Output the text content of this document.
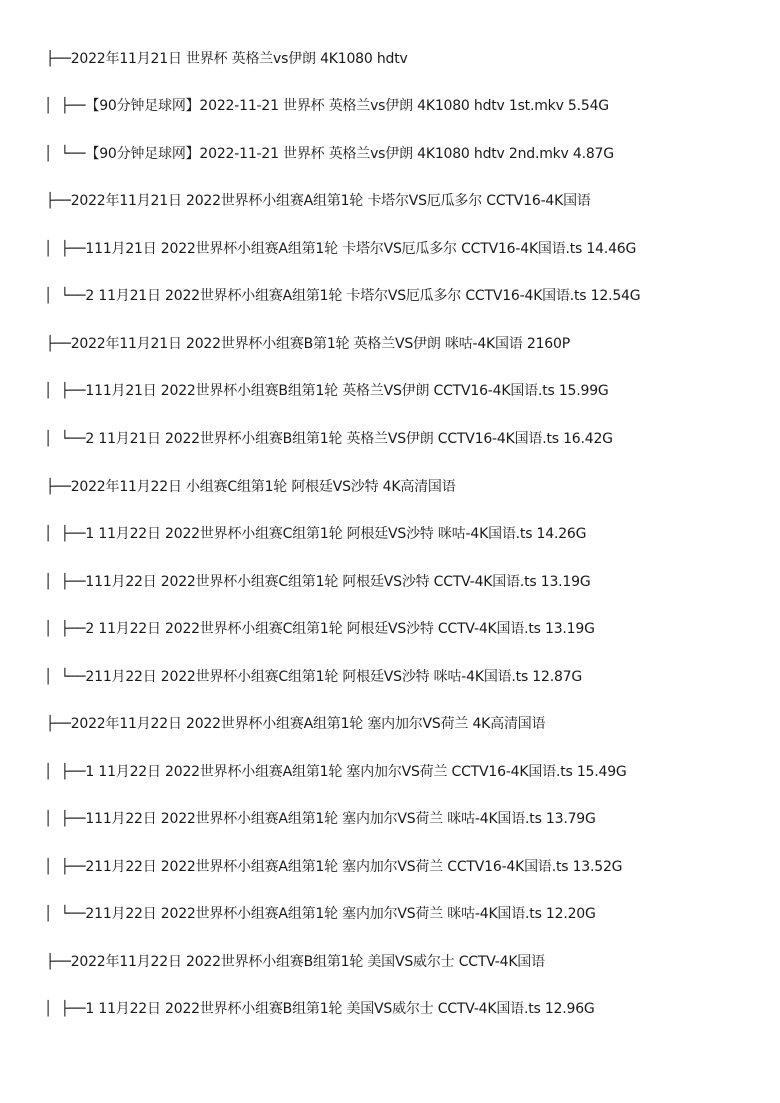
├──2022年11月21日 世界杯 英格兰vs伊朗 4K1080 hdtv
│  ├──【90分钟足球网】2022-11-21 世界杯 英格兰vs伊朗 4K1080 hdtv 1st.mkv 5.54G
│  └──【90分钟足球网】2022-11-21 世界杯 英格兰vs伊朗 4K1080 hdtv 2nd.mkv 4.87G
├──2022年11月21日 2022世界杯小组赛A组第1轮 卡塔尔VS厄瓜多尔 CCTV16-4K国语
│  ├──111月21日 2022世界杯小组赛A组第1轮 卡塔尔VS厄瓜多尔 CCTV16-4K国语.ts 14.46G
│  └──2 11月21日 2022世界杯小组赛A组第1轮 卡塔尔VS厄瓜多尔 CCTV16-4K国语.ts 12.54G
├──2022年11月21日 2022世界杯小组赛B第1轮 英格兰VS伊朗 咪咕-4K国语 2160P
│  ├──111月21日 2022世界杯小组赛B组第1轮 英格兰VS伊朗 CCTV16-4K国语.ts 15.99G
│  └──2 11月21日 2022世界杯小组赛B组第1轮 英格兰VS伊朗 CCTV16-4K国语.ts 16.42G
├──2022年11月22日 小组赛C组第1轮 阿根廷VS沙特 4K高清国语
│  ├──1 11月22日 2022世界杯小组赛C组第1轮 阿根廷VS沙特 咪咕-4K国语.ts 14.26G
│  ├──111月22日 2022世界杯小组赛C组第1轮 阿根廷VS沙特 CCTV-4K国语.ts 13.19G
│  ├──2 11月22日 2022世界杯小组赛C组第1轮 阿根廷VS沙特 CCTV-4K国语.ts 13.19G
│  └──211月22日 2022世界杯小组赛C组第1轮 阿根廷VS沙特 咪咕-4K国语.ts 12.87G
├──2022年11月22日 2022世界杯小组赛A组第1轮 塞内加尔VS荷兰 4K高清国语
│  ├──1 11月22日 2022世界杯小组赛A组第1轮 塞内加尔VS荷兰 CCTV16-4K国语.ts 15.49G
│  ├──111月22日 2022世界杯小组赛A组第1轮 塞内加尔VS荷兰 咪咕-4K国语.ts 13.79G
│  ├──211月22日 2022世界杯小组赛A组第1轮 塞内加尔VS荷兰 CCTV16-4K国语.ts 13.52G
│  └──211月22日 2022世界杯小组赛A组第1轮 塞内加尔VS荷兰 咪咕-4K国语.ts 12.20G
├──2022年11月22日 2022世界杯小组赛B组第1轮 美国VS威尔士 CCTV-4K国语
│  ├──1 11月22日 2022世界杯小组赛B组第1轮 美国VS威尔士 CCTV-4K国语.ts 12.96G
